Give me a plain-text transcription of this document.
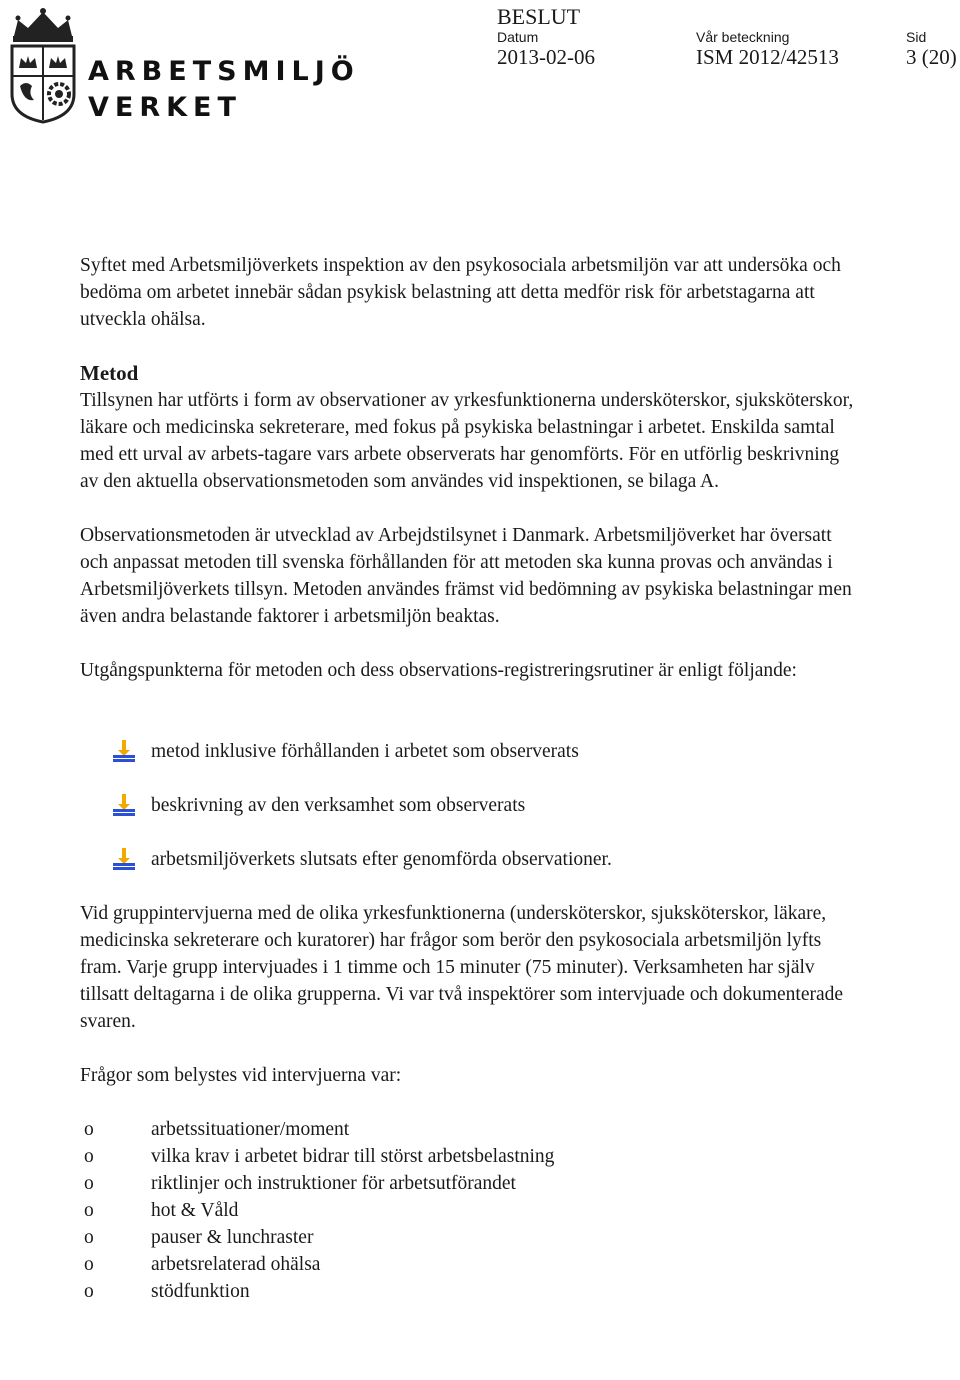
ARBETSMILJÖ
VERKET
BESLUT
Datum
2013-02-06
Vår beteckning
ISM 2012/42513
Sid
3 (20)

Syftet med Arbetsmiljöverkets inspektion av den psykosociala arbetsmiljön var att undersöka och bedöma om arbetet innebär sådan psykisk belastning att detta medför risk för arbetstagarna att utveckla ohälsa.

Metod

Tillsynen har utförts i form av observationer av yrkesfunktionerna undersköterskor, sjuksköterskor, läkare och medicinska sekreterare, med fokus på psykiska belastningar i arbetet. Enskilda samtal med ett urval av arbets-tagare vars arbete observerats har genomförts. För en utförlig beskrivning av den aktuella observationsmetoden som användes vid inspektionen, se bilaga A.

Observationsmetoden är utvecklad av Arbejdstilsynet i Danmark. Arbetsmiljöverket har översatt och anpassat metoden till svenska förhållanden för att metoden ska kunna provas och användas i Arbetsmiljöverkets tillsyn. Metoden användes främst vid bedömning av psykiska belastningar men även andra belastande faktorer i arbetsmiljön beaktas.

Utgångspunkterna för metoden och dess observations-registreringsrutiner är enligt följande:

metod inklusive förhållanden i arbetet som observerats
beskrivning av den verksamhet som observerats
arbetsmiljöverkets slutsats efter genomförda observationer.

Vid gruppintervjuerna med de olika yrkesfunktionerna (undersköterskor, sjuksköterskor, läkare, medicinska sekreterare och kuratorer) har frågor som berör den psykosociala arbetsmiljön lyfts fram. Varje grupp intervjuades i 1 timme och 15 minuter (75 minuter). Verksamheten har själv tillsatt deltagarna i de olika grupperna. Vi var två inspektörer som intervjuade och dokumenterade svaren.

Frågor som belystes vid intervjuerna var:

o	arbetssituationer/moment
o	vilka krav i arbetet bidrar till störst arbetsbelastning
o	riktlinjer och instruktioner för arbetsutförandet
o	hot & Våld
o	pauser & lunchraster
o	arbetsrelaterad ohälsa
o	stödfunktion
